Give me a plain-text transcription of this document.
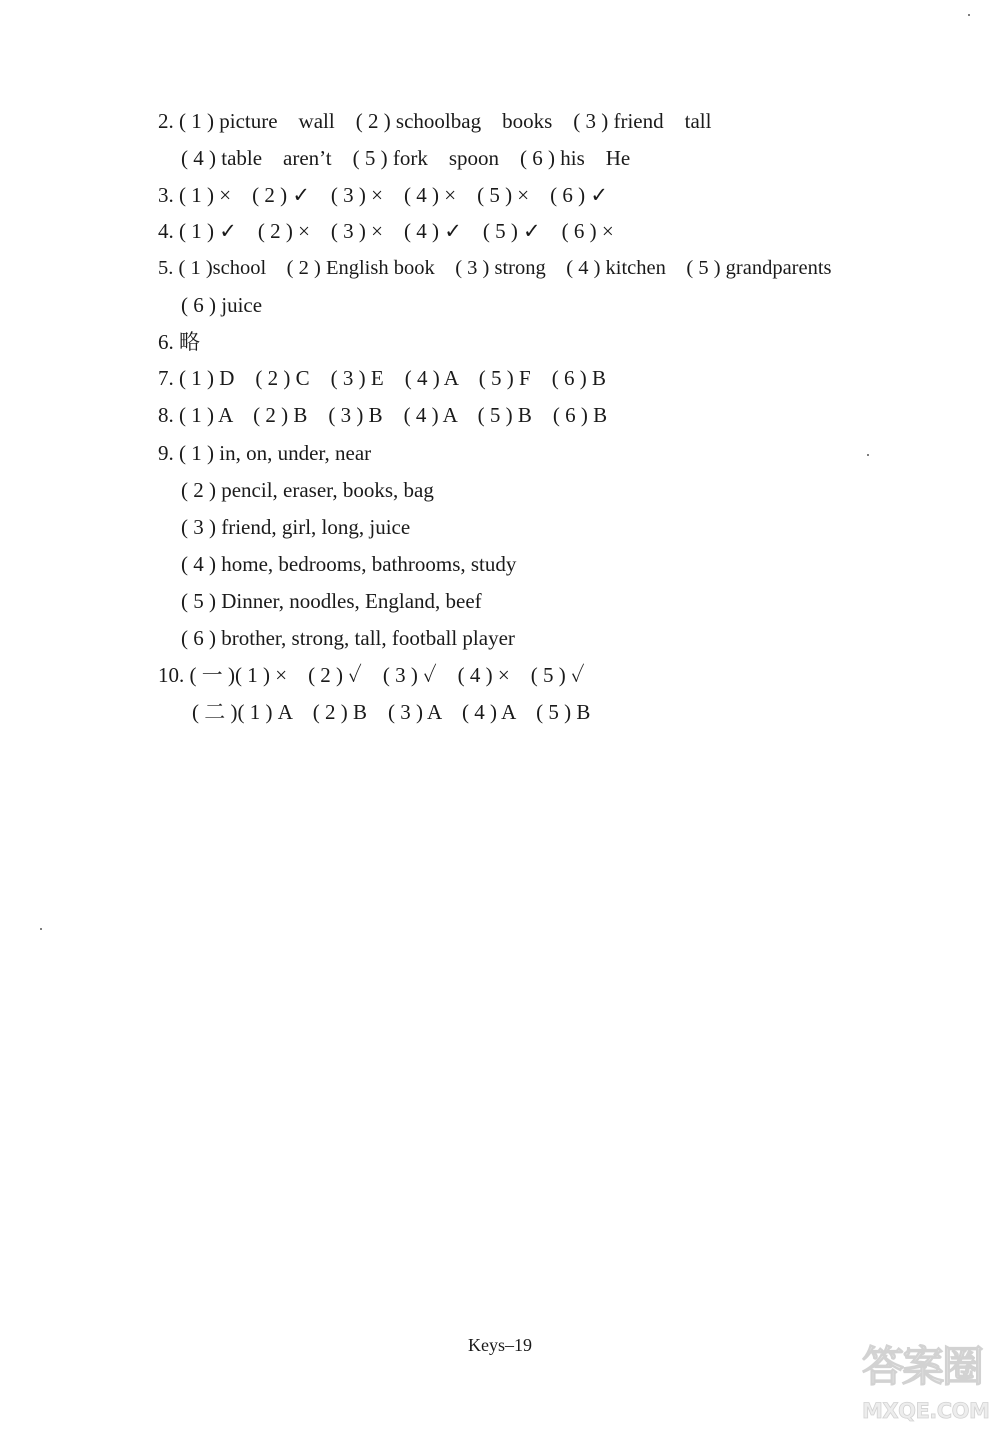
2. ( 1 ) picture    wall    ( 2 ) schoolbag    books    ( 3 ) friend    tall
( 4 ) table    aren’t    ( 5 ) fork    spoon    ( 6 ) his    He
3. ( 1 ) ×    ( 2 ) ✓    ( 3 ) ×    ( 4 ) ×    ( 5 ) ×    ( 6 ) ✓
4. ( 1 ) ✓    ( 2 ) ×    ( 3 ) ×    ( 4 ) ✓    ( 5 ) ✓    ( 6 ) ×
5. ( 1 )school    ( 2 ) English book    ( 3 ) strong    ( 4 ) kitchen    ( 5 ) grandparents
( 6 ) juice
6. 略
7. ( 1 ) D    ( 2 ) C    ( 3 ) E    ( 4 ) A    ( 5 ) F    ( 6 ) B
8. ( 1 ) A    ( 2 ) B    ( 3 ) B    ( 4 ) A    ( 5 ) B    ( 6 ) B
9. ( 1 ) in, on, under, near
( 2 ) pencil, eraser, books, bag
( 3 ) friend, girl, long, juice
( 4 ) home, bedrooms, bathrooms, study
( 5 ) Dinner, noodles, England, beef
( 6 ) brother, strong, tall, football player
10. ( 一 )( 1 ) ×    ( 2 ) ✓    ( 3 ) ✓    ( 4 ) ×    ( 5 ) ✓
( 二 )( 1 ) A    ( 2 ) B    ( 3 ) A    ( 4 ) A    ( 5 ) B
Keys–19	答案圈
MXQE.COM
